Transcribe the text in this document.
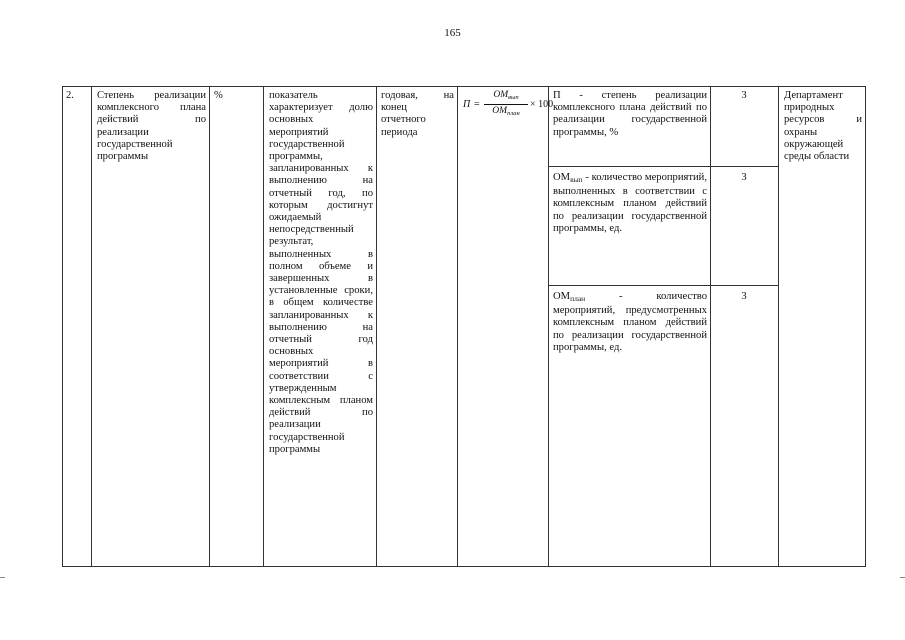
165
2.	Степень реализации комплексного плана действий по реализации государственной программы
%	показатель характеризует долю основных мероприятий государственной программы, запланированных к выполнению на отчетный год, по которым достигнут ожидаемый непосредственный результат, выполненных в полном объеме и завершенных в установленные сроки, в общем количестве запланированных к выполнению на отчетный год основных мероприятий в соответствии с утвержденным комплексным планом действий по реализации государственной программы
годовая, на конец отчетного периода
П =
$ОМ_{вып}$
$ОМ_{план}$
× 100
П - степень реализации комплексного плана действий по реализации государственной программы, %
3
ОМвып - количество мероприятий, выполненных в соответствии с комплексным планом действий по реализации государственной программы, ед.
3
ОМплан - количество мероприятий, предусмотренных комплексным планом действий по реализации государственной программы, ед.
3
Департамент природных ресурсов и охраны окружающей среды области
